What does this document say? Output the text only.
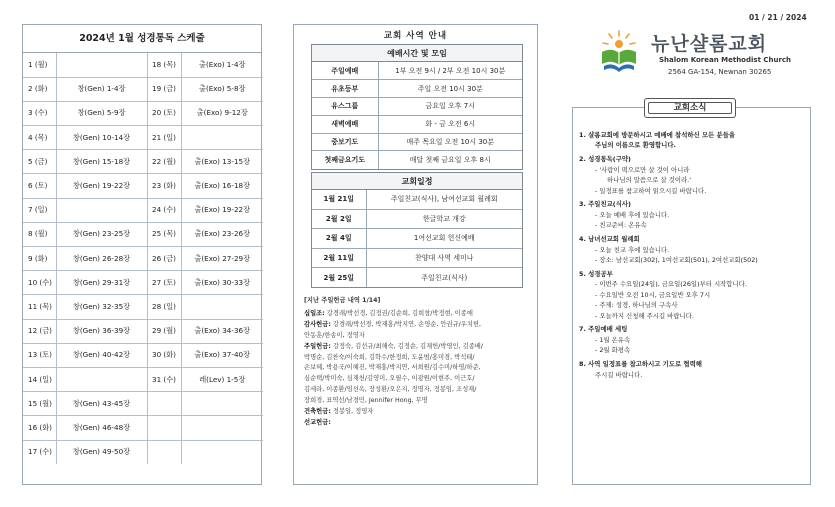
2024년 1월 성경통독 스케줄
1 (월)		18 (목)	출(Exo) 1-4장
2 (화)	창(Gen) 1-4장	19 (금)	출(Exo) 5-8장
3 (수)	창(Gen) 5-9장	20 (토)	출(Exo) 9-12장
4 (목)	창(Gen) 10-14장	21 (일)	
5 (금)	창(Gen) 15-18장	22 (월)	출(Exo) 13-15장
6 (토)	창(Gen) 19-22장	23 (화)	출(Exo) 16-18장
7 (일)		24 (수)	출(Exo) 19-22장
8 (월)	창(Gen) 23-25장	25 (목)	출(Exo) 23-26장
9 (화)	창(Gen) 26-28장	26 (금)	출(Exo) 27-29장
10 (수)	창(Gen) 29-31장	27 (토)	출(Exo) 30-33장
11 (목)	창(Gen) 32-35장	28 (일)	
12 (금)	창(Gen) 36-39장	29 (월)	출(Exo) 34-36장
13 (토)	창(Gen) 40-42장	30 (화)	출(Exo) 37-40장
14 (일)		31 (수)	레(Lev) 1-5장
15 (월)	창(Gen) 43-45장		
16 (화)	창(Gen) 46-48장		
17 (수)	창(Gen) 49-50장		
교회 사역 안내
예배시간 및 모임
주일예배	1부 오전 9시 / 2부 오전 10시 30분
유초등부	주일 오전 10시 30분
유스그룹	금요일 오후 7시
새벽예배	화 - 금 오전 6시
중보기도	매주 목요일 오전 10시 30분
첫째금요기도	매달 첫째 금요일 오후 8시
교회일정
1월 21일	주일친교(식사), 남여선교회 월례회
2월 2일	한글학교 개강
2월 4일	1여선교회 헌신예배
2월 11일	찬양대 사역 세미나
2월 25일	주일친교(식사)
[지난 주일헌금 내역 1/14]
십일조: 강경래/박선경, 김정권/김순희, 김희창/박정현, 이종애
감사헌금: 강경래/박선경, 박재홍/박지연, 손영순, 안권규/우치헌,
안동훈/한송이, 정영자
주일헌금: 강정숙, 김선규/최해숙, 김정순, 김재헌/박영인, 김종배/
박명순, 김찬숙/이숙희, 김학수/한정희, 도윤범/홍미경, 박석태/
손보혜, 박용국/이혜진, 박재홍/박지연, 서희원/김수미/하영/하준,
심순택/박미숙, 심재천/김영미, 오필수, 이광원/이현주, 이근호/
김세라, 이종환/임선옥, 장성환/오은지, 정명자, 정봉임, 조성재/
장희경, 표역선/남경민, Jennifer Hong, 무명
건축헌금: 정봉임, 정영자
선교헌금:
01 / 21 / 2024
뉴난샬롬교회
Shalom Korean Methodist Church
2564 GA-154, Newnan 30265
교회소식
1. 샬롬교회에 방문하시고 예배에 참석하신 모든 분들을
주님의 이름으로 환영합니다.
2. 성경통독(구약)
- '사람이 떡으로만 살 것이 아니라
하나님의 말씀으로 살 것이라.'
- 일정표를 참고하여 읽으시길 바랍니다.
3. 주일친교(식사)
- 오늘 예배 후에 있습니다.
- 친교준비: 온유속
4. 남녀선교회 월례회
- 오늘 친교 후에 있습니다.
- 장소: 남선교회(302), 1여선교회(501), 2여선교회(502)
5. 성경공부
- 이번주 수요일(24일), 금요일(26일)부터 시작합니다.
- 수요일반 오전 10시, 금요일반 오후 7시
- 주제: 성경, 하나님의 구속사
- 오늘까지 신청해 주시길 바랍니다.
7. 주일예배 세팅
- 1월 온유속
- 2월 화평속
8. 사역 일정표를 참고하시고 기도로 협력해
주시길 바랍니다.
